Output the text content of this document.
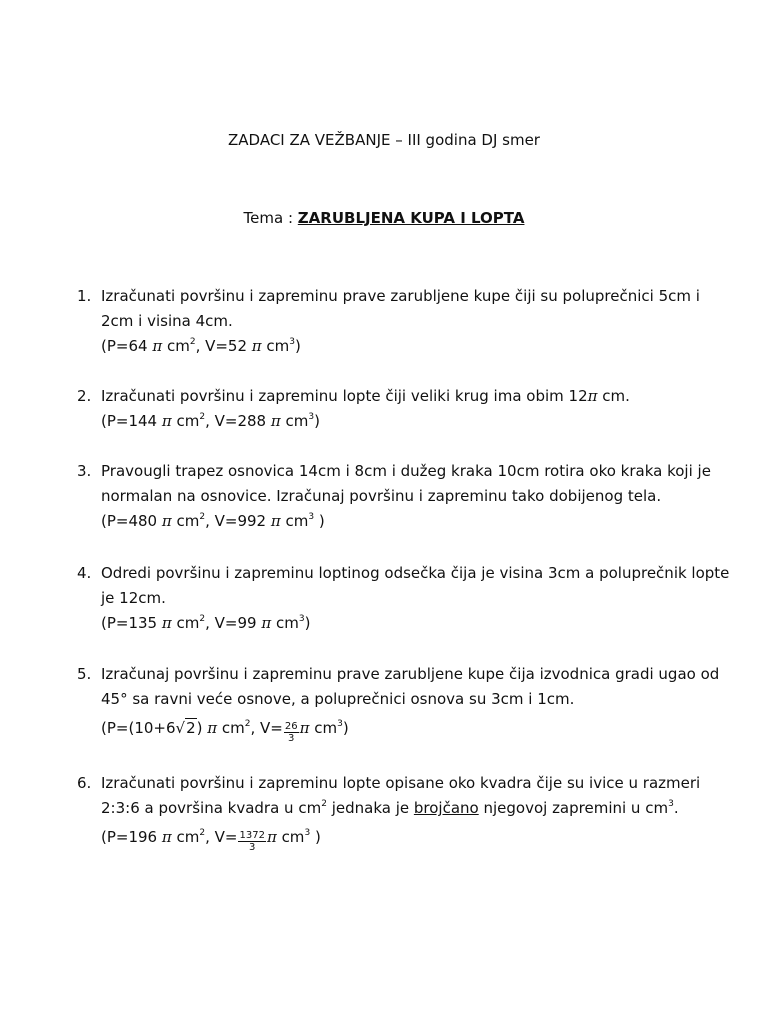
ZADACI ZA VEŽBANJE – III godina DJ smer
Tema : ZARUBLJENA KUPA I LOPTA
1. Izračunati površinu i zapreminu prave zarubljene kupe čiji su poluprečnici 5cm i
2cm i visina 4cm.
(P=64 π $cm^2$, V=52 π $cm^3$)
2. Izračunati površinu i zapreminu lopte čiji veliki krug ima obim 12π cm.
(P=144 π $cm^2$, V=288 π $cm^3$)
3. Pravougli trapez osnovica 14cm i 8cm i dužeg kraka 10cm rotira oko kraka koji je
normalan na osnovice. Izračunaj površinu i zapreminu tako dobijenog tela.
(P=480 π $cm^2$, V=992 π $cm^3$ )
4. Odredi površinu i zapreminu loptinog odsečka čija je visina 3cm a poluprečnik lopte
je 12cm.
(P=135 π $cm^2$, V=99 π $cm^3$)
5. Izračunaj površinu i zapreminu prave zarubljene kupe čija izvodnica gradi ugao od
45° sa ravni veće osnove, a poluprečnici osnova su 3cm i 1cm.
(P=(10+6√2) π $cm^2$, $V= \frac{26}{3}$ π $cm^3$)
6. Izračunati površinu i zapreminu lopte opisane oko kvadra čije su ivice u razmeri
2:3:6 a površina kvadra u $cm^2$ jednaka je brojčano njegovoj zapremini u $cm^3$.
(P=196 π $cm^2$, $V= \frac{1372}{3}$ π $cm^3$ )
